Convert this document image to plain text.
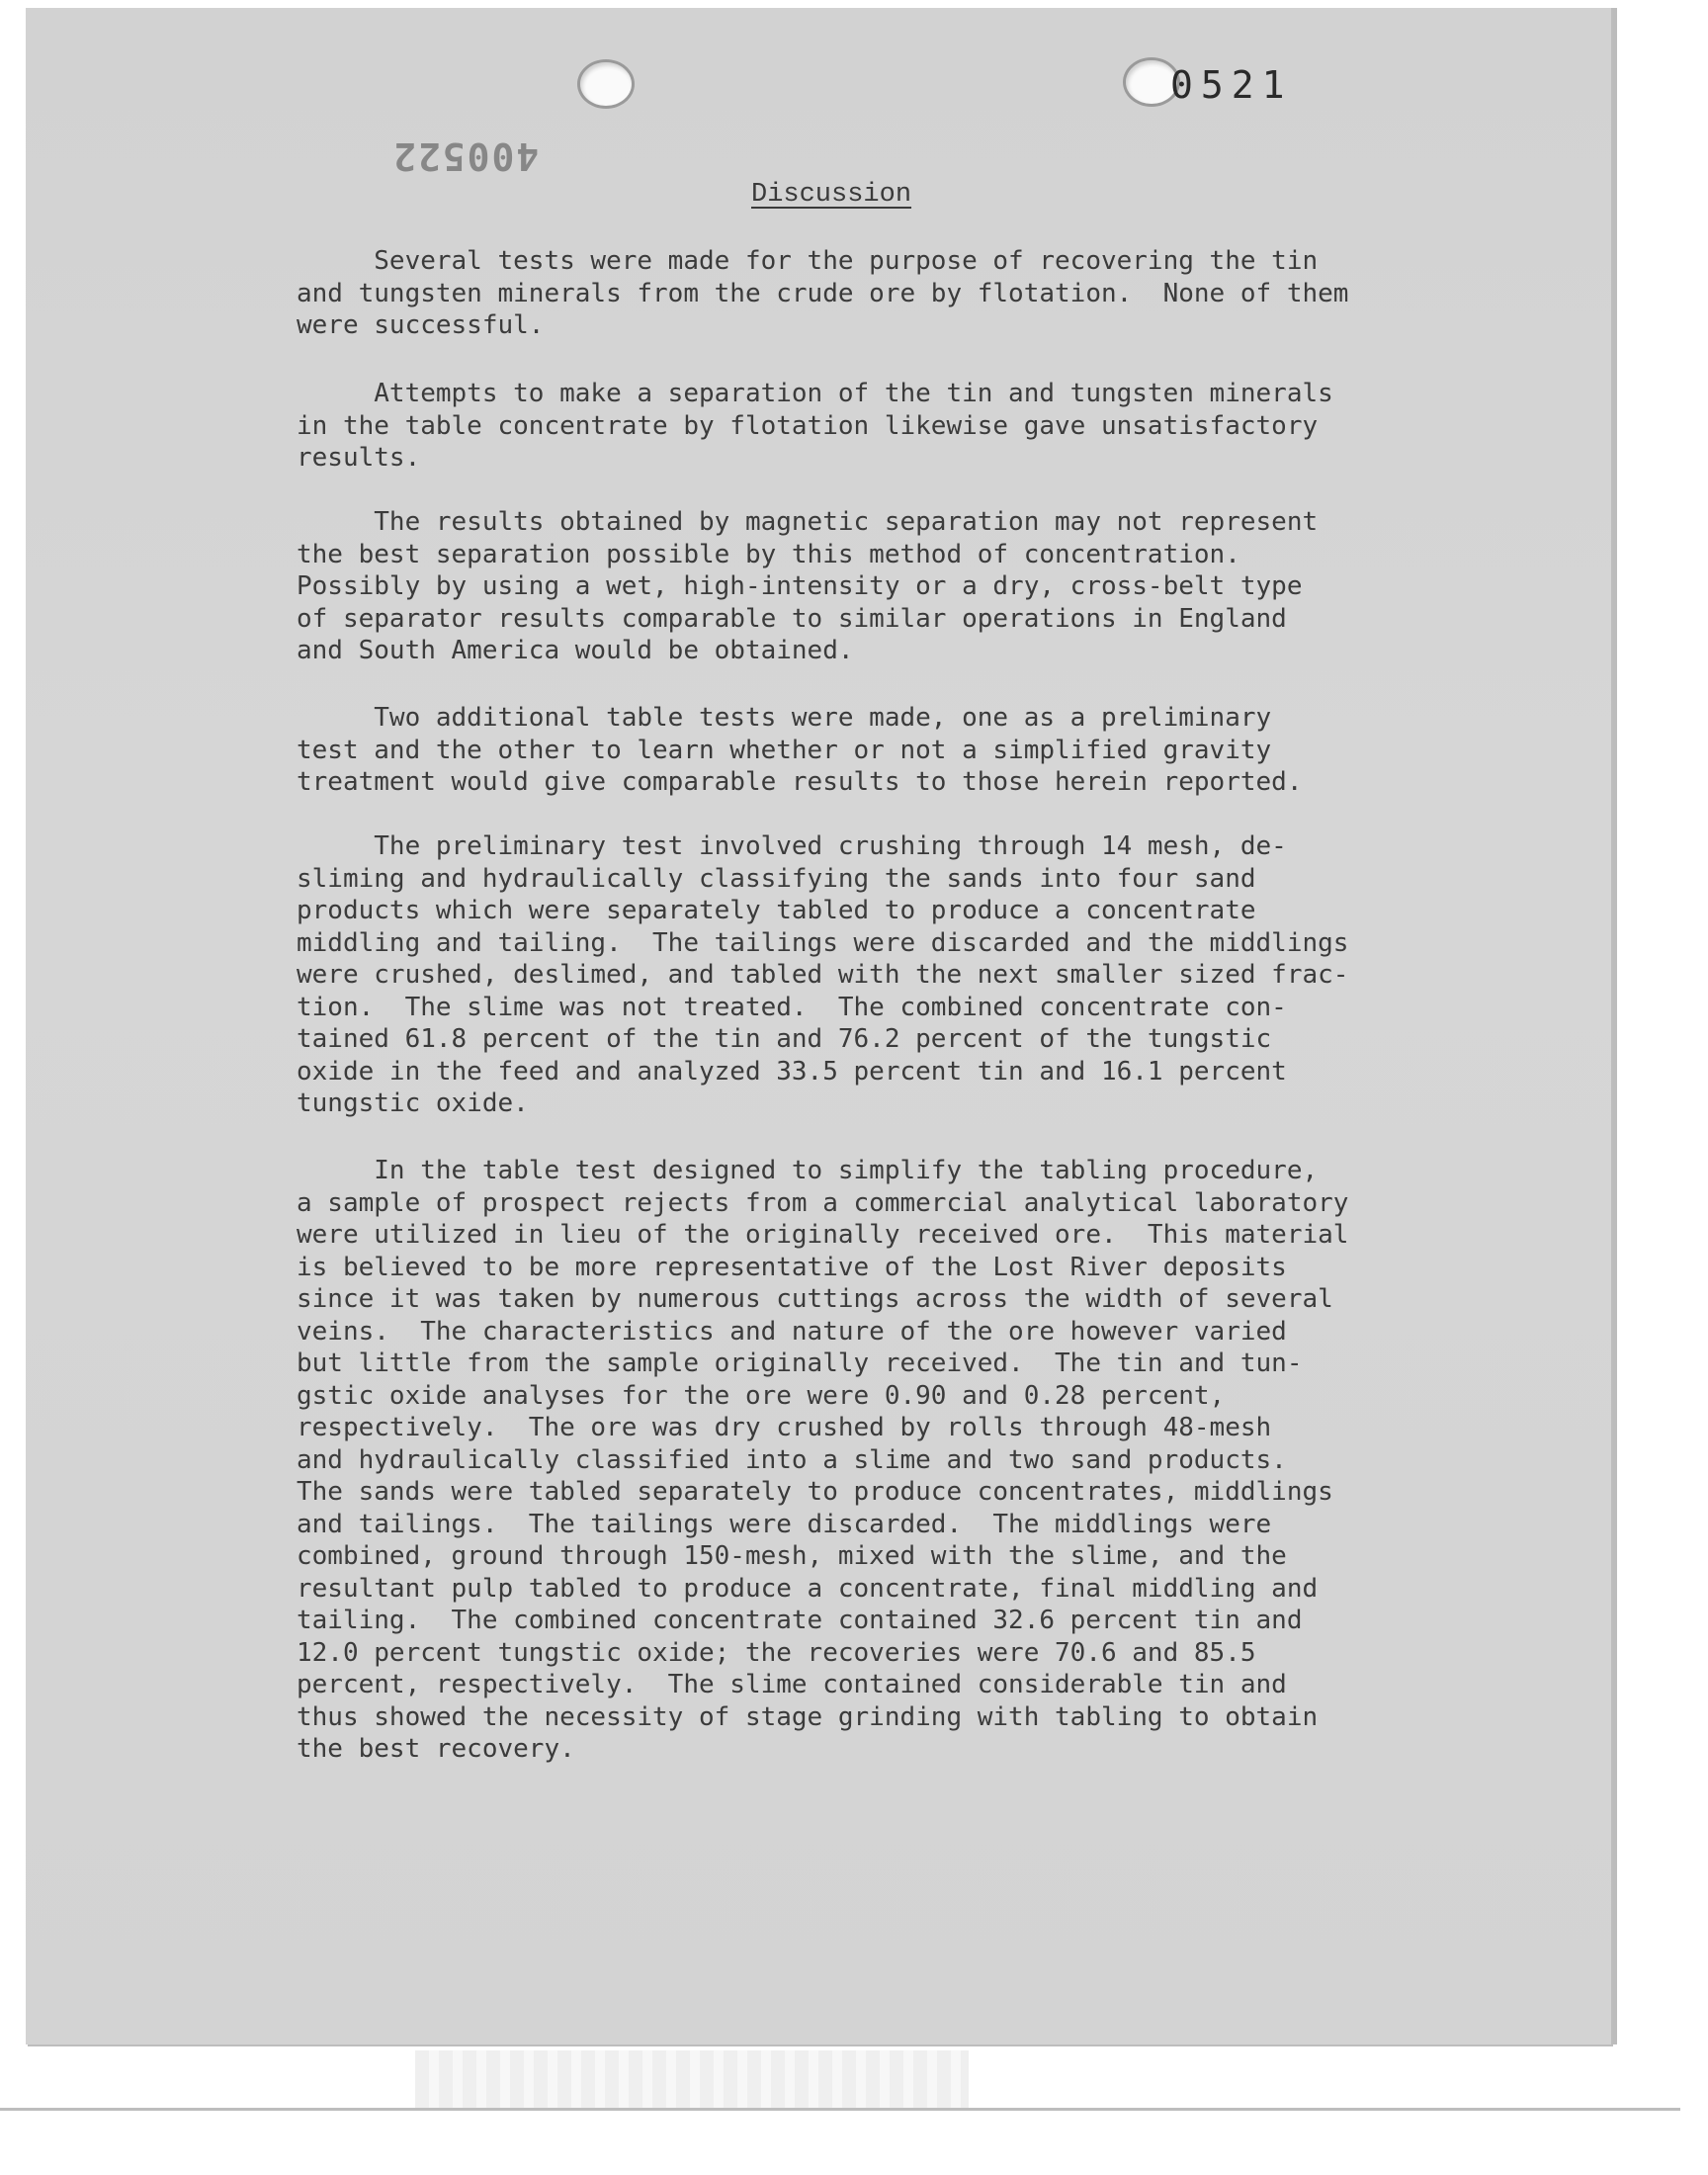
0521
400522
Discussion
Several tests were made for the purpose of recovering the tin
and tungsten minerals from the crude ore by flotation.  None of them
were successful.
Attempts to make a separation of the tin and tungsten minerals
in the table concentrate by flotation likewise gave unsatisfactory
results.
The results obtained by magnetic separation may not represent
the best separation possible by this method of concentration.
Possibly by using a wet, high-intensity or a dry, cross-belt type
of separator results comparable to similar operations in England
and South America would be obtained.
Two additional table tests were made, one as a preliminary
test and the other to learn whether or not a simplified gravity
treatment would give comparable results to those herein reported.
The preliminary test involved crushing through 14 mesh, de-
sliming and hydraulically classifying the sands into four sand
products which were separately tabled to produce a concentrate
middling and tailing.  The tailings were discarded and the middlings
were crushed, deslimed, and tabled with the next smaller sized frac-
tion.  The slime was not treated.  The combined concentrate con-
tained 61.8 percent of the tin and 76.2 percent of the tungstic
oxide in the feed and analyzed 33.5 percent tin and 16.1 percent
tungstic oxide.
In the table test designed to simplify the tabling procedure,
a sample of prospect rejects from a commercial analytical laboratory
were utilized in lieu of the originally received ore.  This material
is believed to be more representative of the Lost River deposits
since it was taken by numerous cuttings across the width of several
veins.  The characteristics and nature of the ore however varied
but little from the sample originally received.  The tin and tun-
gstic oxide analyses for the ore were 0.90 and 0.28 percent,
respectively.  The ore was dry crushed by rolls through 48-mesh
and hydraulically classified into a slime and two sand products.
The sands were tabled separately to produce concentrates, middlings
and tailings.  The tailings were discarded.  The middlings were
combined, ground through 150-mesh, mixed with the slime, and the
resultant pulp tabled to produce a concentrate, final middling and
tailing.  The combined concentrate contained 32.6 percent tin and
12.0 percent tungstic oxide; the recoveries were 70.6 and 85.5
percent, respectively.  The slime contained considerable tin and
thus showed the necessity of stage grinding with tabling to obtain
the best recovery.
